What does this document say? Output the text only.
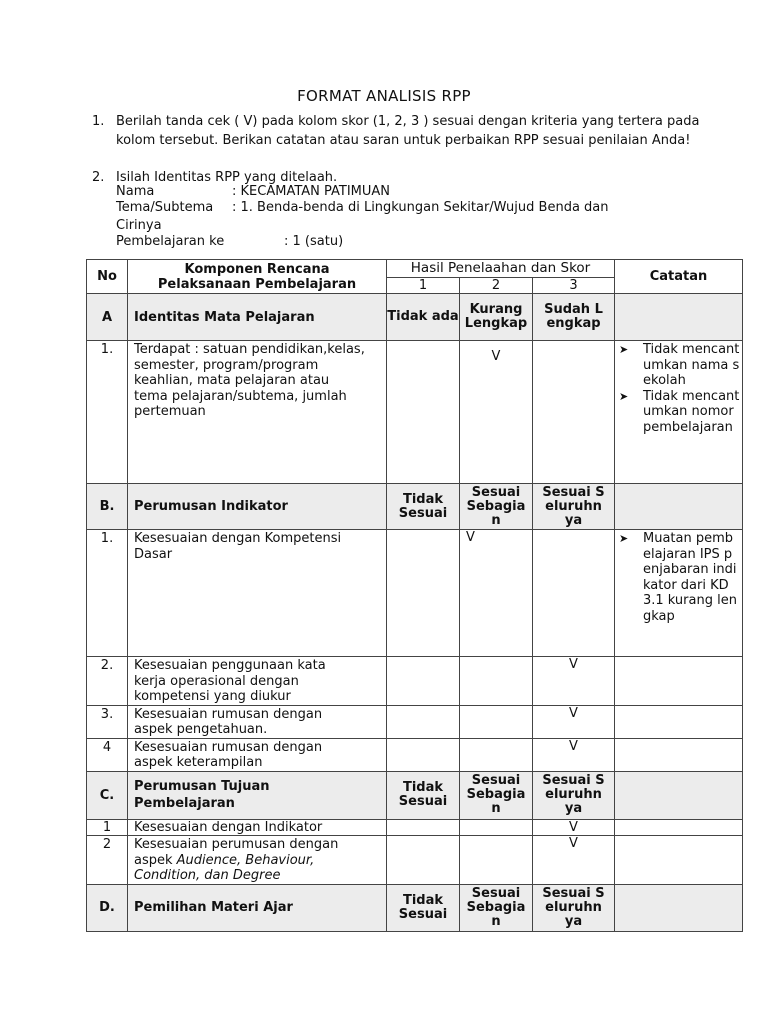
FORMAT ANALISIS RPP
1. Berilah tanda cek ( V) pada kolom skor (1, 2, 3 ) sesuai dengan kriteria yang tertera pada kolom tersebut. Berikan catatan atau saran untuk perbaikan RPP sesuai penilaian Anda!
2. Isilah Identitas RPP yang ditelaah.
Nama	: KECAMATAN PATIMUAN
Tema/Subtema : 1. Benda-benda di Lingkungan Sekitar/Wujud Benda dan
Cirinya
Pembelajaran ke	: 1 (satu)
No	Komponen Rencana Pelaksanaan Pembelajaran	Hasil Penelaahan dan Skor			Catatan
		1	2	3	
A	Identitas Mata Pelajaran	Tidak ada	Kurang Lengkap	Sudah Lengkap	
1.	Terdapat : satuan pendidikan,kelas, semester, program/program keahlian, mata pelajaran atau tema pelajaran/subtema, jumlah pertemuan		V		➤ Tidak mencantumkan nama sekolah
➤ Tidak mencantumkan nomor pembelajaran

B.	Perumusan Indikator	Tidak Sesuai	Sesuai Sebagian	Sesuai Seluruhnya	
1.	Kesesuaian dengan Kompetensi Dasar		V		➤ Muatan pembelajaran IPS penjabaran indikator dari KD 3.1 kurang lengkap

2.	Kesesuaian penggunaan kata kerja operasional dengan kompetensi yang diukur			V	
3.	Kesesuaian rumusan dengan aspek pengetahuan.			V	
4	Kesesuaian rumusan dengan aspek keterampilan			V	
C.	Perumusan Tujuan Pembelajaran	Tidak Sesuai	Sesuai Sebagian	Sesuai Seluruhnya	
1	Kesesuaian dengan Indikator			V	
2	Kesesuaian perumusan dengan aspek Audience, Behaviour, Condition, dan Degree			V	
D.	Pemilihan Materi Ajar	Tidak Sesuai	Sesuai Sebagian	Sesuai Seluruhnya	
